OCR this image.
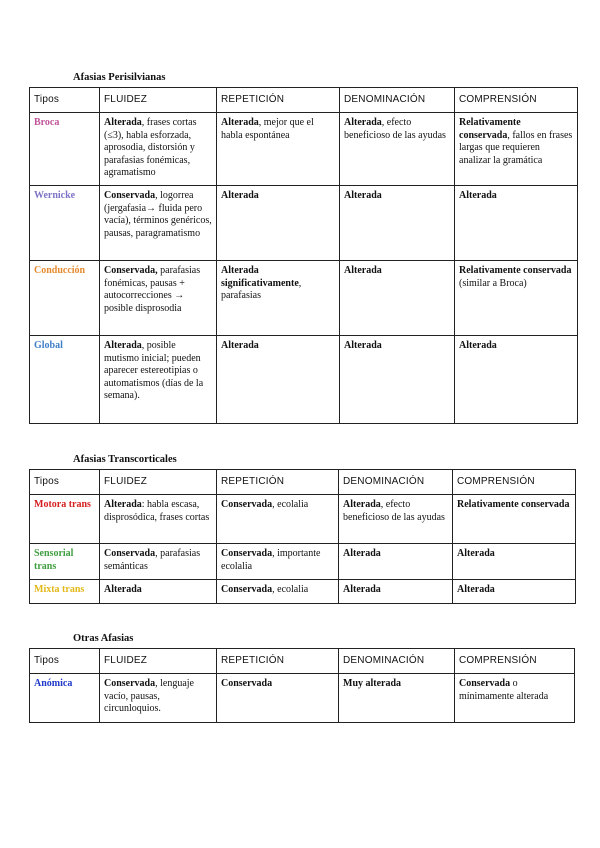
Afasias Perisilvianas
Tipos	FLUIDEZ	REPETICIÓN	DENOMINACIÓN	COMPRENSIÓN
Broca	Alterada, frases cortas (≤3), habla esforzada, aprosodia, distorsión y parafasias fonémicas, agramatismo	Alterada, mejor que el habla espontánea	Alterada, efecto beneficioso de las ayudas	Relativamente conservada, fallos en frases largas que requieren analizar la gramática
Wernicke	Conservada, logorrea (jergafasia→ fluida pero vacía), términos genéricos, pausas, paragramatismo	Alterada	Alterada	Alterada
Conducción	Conservada, parafasias fonémicas, pausas + autocorrecciones → posible disprosodia	Alterada significativamente, parafasias	Alterada	Relativamente conservada (similar a Broca)
Global	Alterada, posible mutismo inicial; pueden aparecer estereotipias o automatismos (días de la semana).	Alterada	Alterada	Alterada
Afasias Transcorticales
Tipos	FLUIDEZ	REPETICIÓN	DENOMINACIÓN	COMPRENSIÓN
Motora trans	Alterada: habla escasa, disprosódica, frases cortas	Conservada, ecolalia	Alterada, efecto beneficioso de las ayudas	Relativamente conservada
Sensorial trans	Conservada, parafasias semánticas	Conservada, importante ecolalia	Alterada	Alterada
Mixta trans	Alterada	Conservada, ecolalia	Alterada	Alterada
Otras Afasias
Tipos	FLUIDEZ	REPETICIÓN	DENOMINACIÓN	COMPRENSIÓN
Anómica	Conservada, lenguaje vacío, pausas, circunloquios.	Conservada	Muy alterada	Conservada o mínimamente alterada
